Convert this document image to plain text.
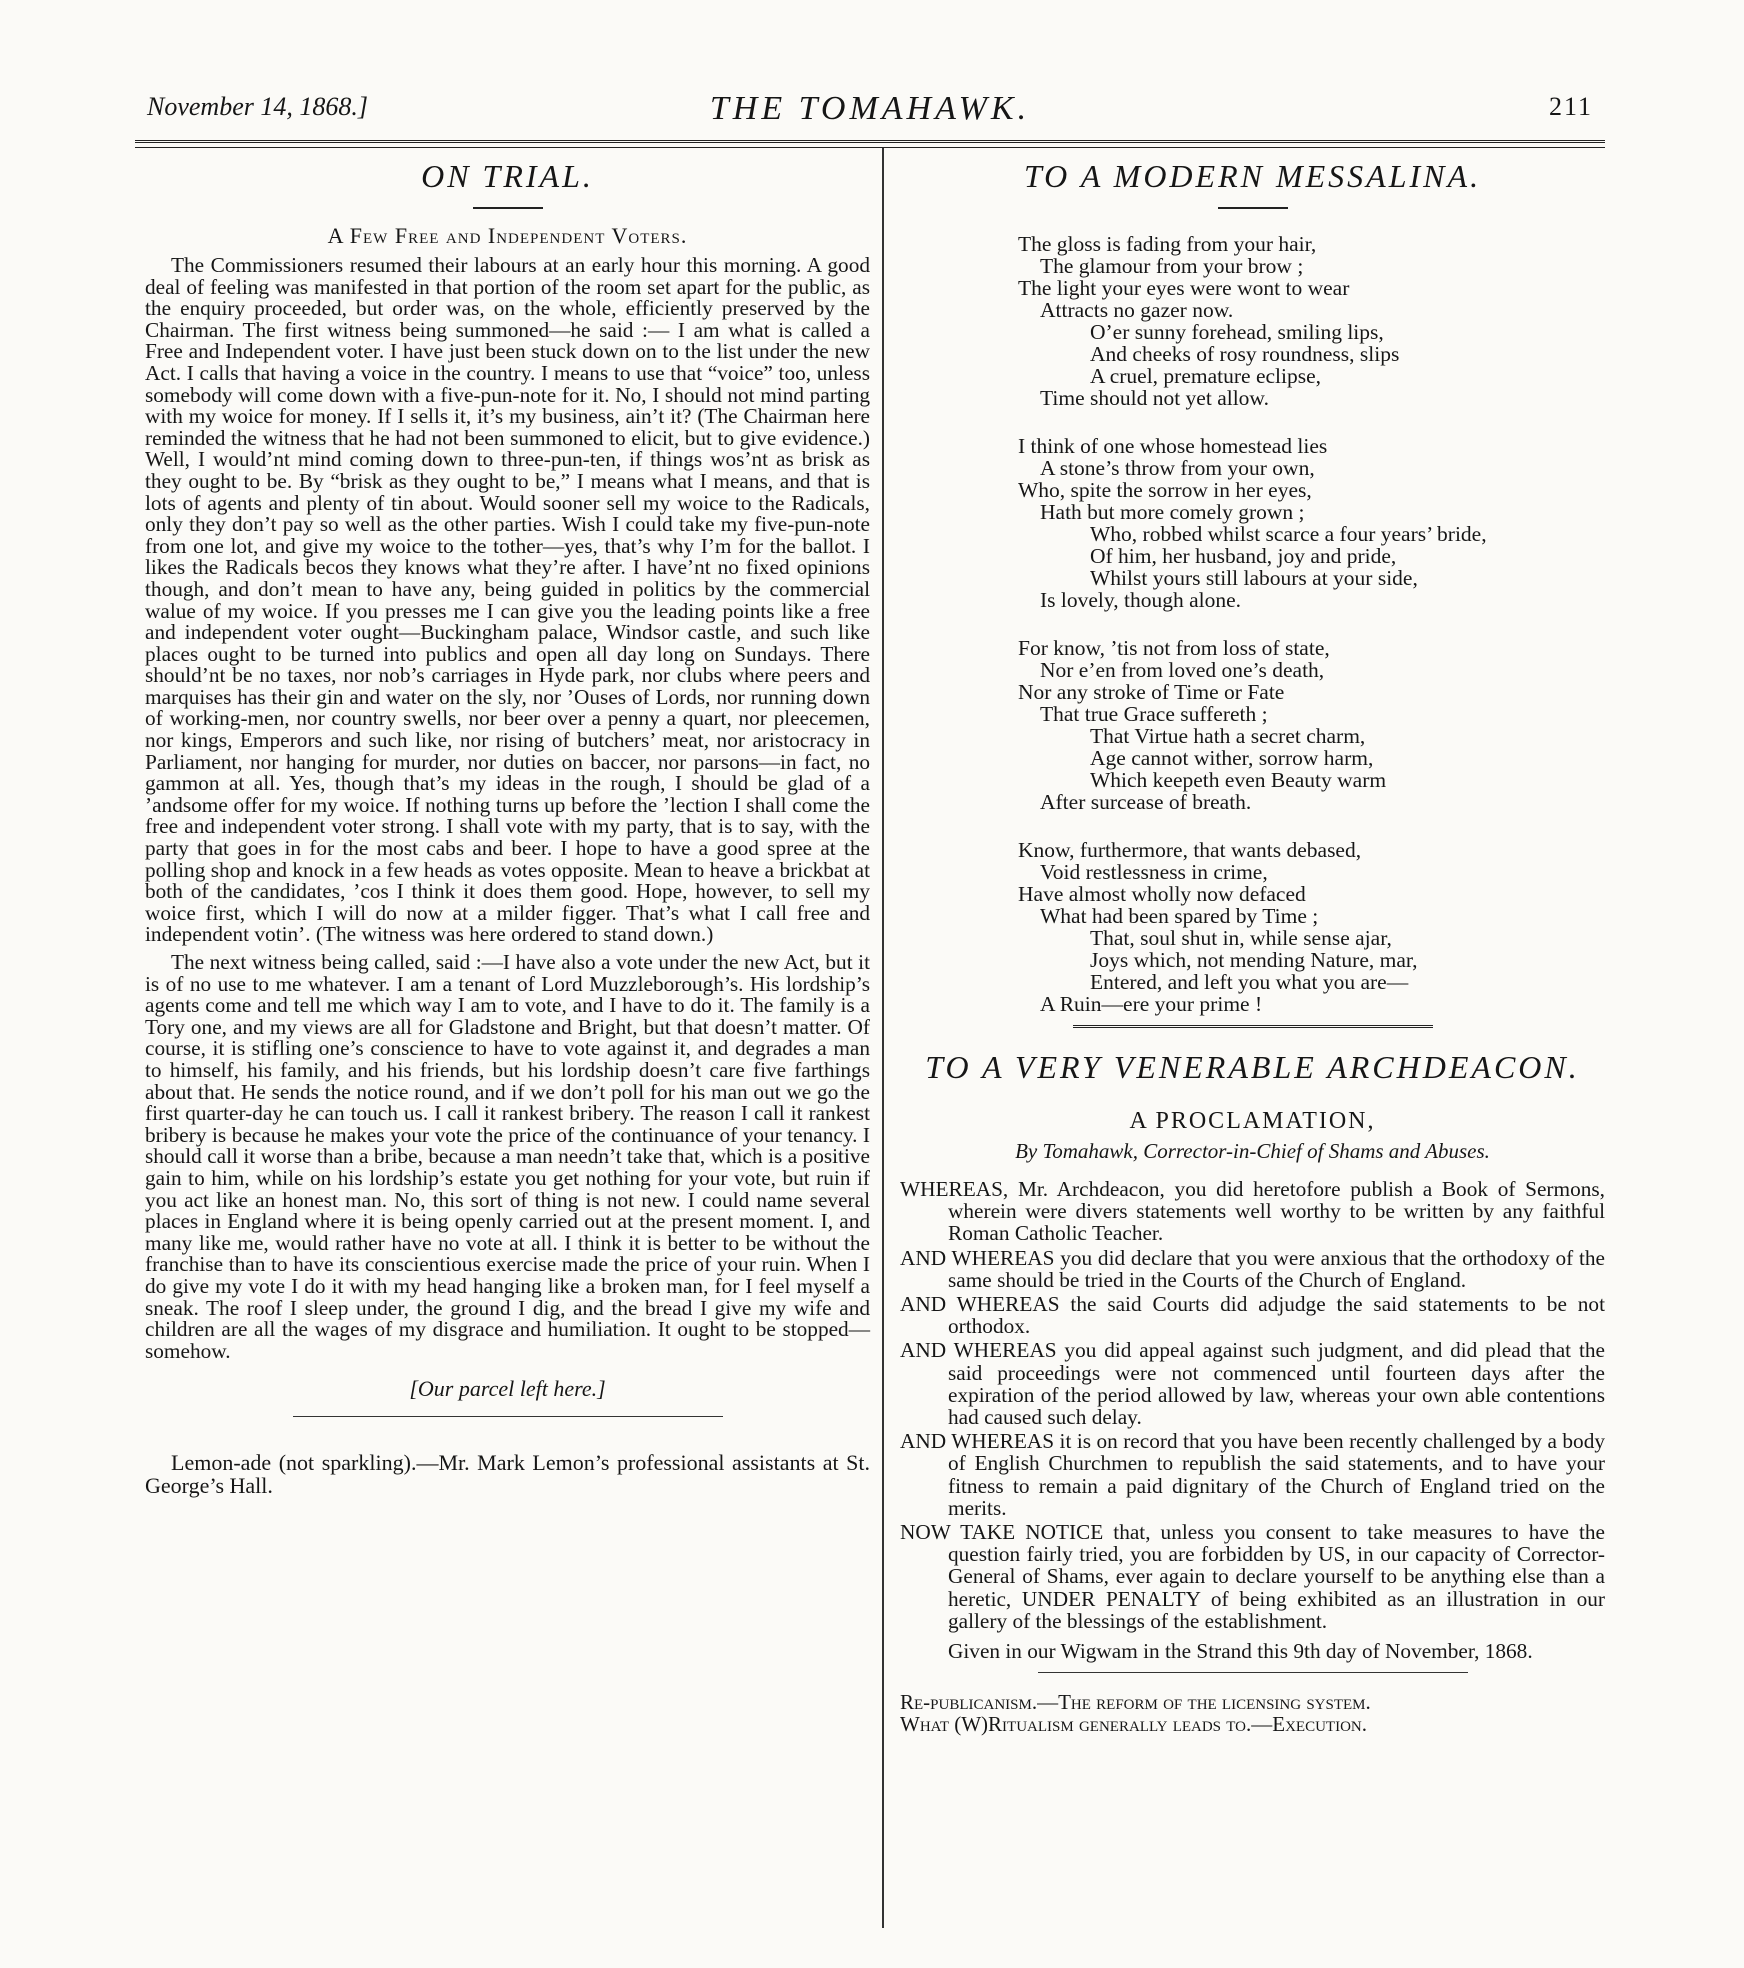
November 14, 1868.]	THE TOMAHAWK.	211
ON TRIAL.
A Few Free and Independent Voters.

The Commissioners resumed their labours at an early hour this morning. A good deal of feeling was manifested in that portion of the room set apart for the public, as the enquiry proceeded, but order was, on the whole, efficiently preserved by the Chairman. The first witness being summoned—he said :— I am what is called a Free and Independent voter. I have just been stuck down on to the list under the new Act. I calls that having a voice in the country. I means to use that “voice” too, unless somebody will come down with a five-pun-note for it. No, I should not mind parting with my woice for money. If I sells it, it’s my business, ain’t it? (The Chairman here reminded the witness that he had not been summoned to elicit, but to give evidence.) Well, I would’nt mind coming down to three-pun-ten, if things wos’nt as brisk as they ought to be. By “brisk as they ought to be,” I means what I means, and that is lots of agents and plenty of tin about. Would sooner sell my woice to the Radicals, only they don’t pay so well as the other parties. Wish I could take my five-pun-note from one lot, and give my woice to the tother—yes, that’s why I’m for the ballot. I likes the Radicals becos they knows what they’re after. I have’nt no fixed opinions though, and don’t mean to have any, being guided in politics by the commercial walue of my woice. If you presses me I can give you the leading points like a free and independent voter ought—Buckingham palace, Windsor castle, and such like places ought to be turned into publics and open all day long on Sundays. There should’nt be no taxes, nor nob’s carriages in Hyde park, nor clubs where peers and marquises has their gin and water on the sly, nor ’Ouses of Lords, nor running down of working-men, nor country swells, nor beer over a penny a quart, nor pleecemen, nor kings, Emperors and such like, nor rising of butchers’ meat, nor aristocracy in Parliament, nor hanging for murder, nor duties on baccer, nor parsons—in fact, no gammon at all. Yes, though that’s my ideas in the rough, I should be glad of a ’andsome offer for my woice. If nothing turns up before the ’lection I shall come the free and independent voter strong. I shall vote with my party, that is to say, with the party that goes in for the most cabs and beer. I hope to have a good spree at the polling shop and knock in a few heads as votes opposite. Mean to heave a brickbat at both of the candidates, ’cos I think it does them good. Hope, however, to sell my woice first, which I will do now at a milder figger. That’s what I call free and independent votin’. (The witness was here ordered to stand down.)

The next witness being called, said :—I have also a vote under the new Act, but it is of no use to me whatever. I am a tenant of Lord Muzzleborough’s. His lordship’s agents come and tell me which way I am to vote, and I have to do it. The family is a Tory one, and my views are all for Gladstone and Bright, but that doesn’t matter. Of course, it is stifling one’s conscience to have to vote against it, and degrades a man to himself, his family, and his friends, but his lordship doesn’t care five farthings about that. He sends the notice round, and if we don’t poll for his man out we go the first quarter-day he can touch us. I call it rankest bribery. The reason I call it rankest bribery is because he makes your vote the price of the continuance of your tenancy. I should call it worse than a bribe, because a man needn’t take that, which is a positive gain to him, while on his lordship’s estate you get nothing for your vote, but ruin if you act like an honest man. No, this sort of thing is not new. I could name several places in England where it is being openly carried out at the present moment. I, and many like me, would rather have no vote at all. I think it is better to be without the franchise than to have its conscientious exercise made the price of your ruin. When I do give my vote I do it with my head hanging like a broken man, for I feel myself a sneak. The roof I sleep under, the ground I dig, and the bread I give my wife and children are all the wages of my disgrace and humiliation. It ought to be stopped—somehow.

[Our parcel left here.]

Lemon-ade (not sparkling).—Mr. Mark Lemon’s professional assistants at St. George’s Hall.

TO A MODERN MESSALINA.
The gloss is fading from your hair,
The glamour from your brow ;
The light your eyes were wont to wear
Attracts no gazer now.
O’er sunny forehead, smiling lips,
And cheeks of rosy roundness, slips
A cruel, premature eclipse,
Time should not yet allow.
I think of one whose homestead lies
A stone’s throw from your own,
Who, spite the sorrow in her eyes,
Hath but more comely grown ;
Who, robbed whilst scarce a four years’ bride,
Of him, her husband, joy and pride,
Whilst yours still labours at your side,
Is lovely, though alone.
For know, ’tis not from loss of state,
Nor e’en from loved one’s death,
Nor any stroke of Time or Fate
That true Grace suffereth ;
That Virtue hath a secret charm,
Age cannot wither, sorrow harm,
Which keepeth even Beauty warm
After surcease of breath.
Know, furthermore, that wants debased,
Void restlessness in crime,
Have almost wholly now defaced
What had been spared by Time ;
That, soul shut in, while sense ajar,
Joys which, not mending Nature, mar,
Entered, and left you what you are—
A Ruin—ere your prime !
TO A VERY VENERABLE ARCHDEACON.
A PROCLAMATION,
By Tomahawk, Corrector-in-Chief of Shams and Abuses.

WHEREAS, Mr. Archdeacon, you did heretofore publish a Book of Sermons, wherein were divers statements well worthy to be written by any faithful Roman Catholic Teacher.

AND WHEREAS you did declare that you were anxious that the orthodoxy of the same should be tried in the Courts of the Church of England.

AND WHEREAS the said Courts did adjudge the said statements to be not orthodox.

AND WHEREAS you did appeal against such judgment, and did plead that the said proceedings were not commenced until fourteen days after the expiration of the period allowed by law, whereas your own able contentions had caused such delay.

AND WHEREAS it is on record that you have been recently challenged by a body of English Churchmen to republish the said statements, and to have your fitness to remain a paid dignitary of the Church of England tried on the merits.

NOW TAKE NOTICE that, unless you consent to take measures to have the question fairly tried, you are forbidden by US, in our capacity of Corrector-General of Shams, ever again to declare yourself to be anything else than a heretic, UNDER PENALTY of being exhibited as an illustration in our gallery of the blessings of the establishment.

Given in our Wigwam in the Strand this 9th day of November, 1868.

Re-publicanism.—The reform of the licensing system.

What (W)Ritualism generally leads to.—Execution.
